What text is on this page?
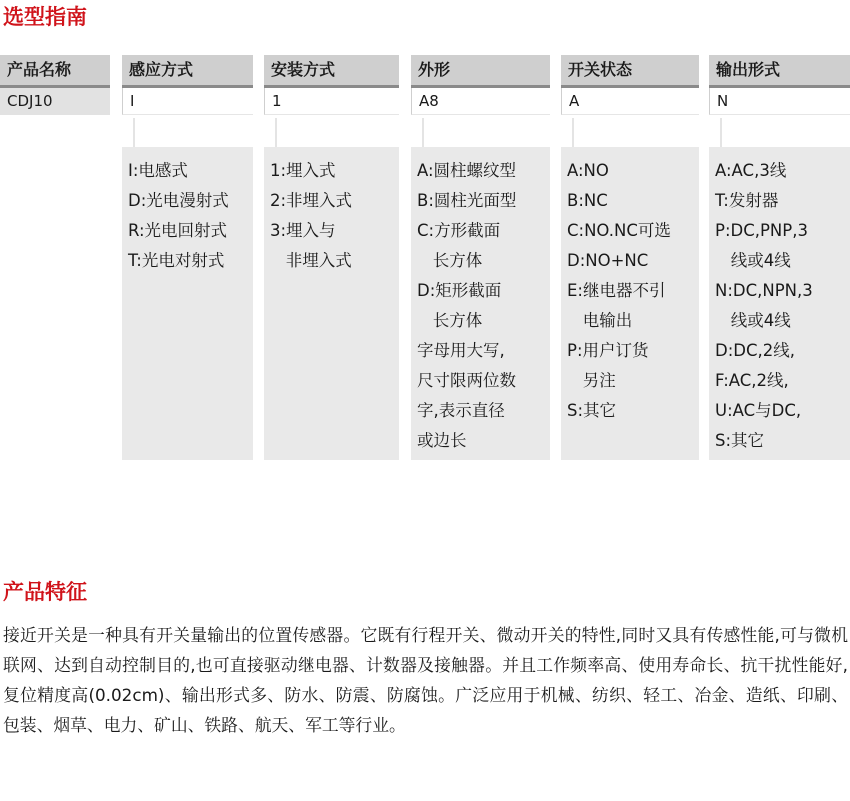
选型指南
产品名称
CDJ10
感应方式
I
I:电感式
D:光电漫射式
R:光电回射式
T:光电对射式
安装方式
1
1:埋入式
2:非埋入式
3:埋入与
非埋入式
外形
A8
A:圆柱螺纹型
B:圆柱光面型
C:方形截面
长方体
D:矩形截面
长方体
字母用大写,
尺寸限两位数
字,表示直径
或边长
开关状态
A
A:NO
B:NC
C:NO.NC可选
D:NO+NC
E:继电器不引
电输出
P:用户订货
另注
S:其它
输出形式
N
A:AC,3线
T:发射器
P:DC,PNP,3
线或4线
N:DC,NPN,3
线或4线
D:DC,2线,
F:AC,2线,
U:AC与DC,
S:其它
产品特征

接近开关是一种具有开关量输出的位置传感器。它既有行程开关、微动开关的特性,同时又具有传感性能,可与微机联网、达到自动控制目的,也可直接驱动继电器、计数器及接触器。并且工作频率高、使用寿命长、抗干扰性能好,复位精度高(0.02cm)、输出形式多、防水、防震、防腐蚀。广泛应用于机械、纺织、轻工、冶金、造纸、印刷、包装、烟草、电力、矿山、铁路、航天、军工等行业。
